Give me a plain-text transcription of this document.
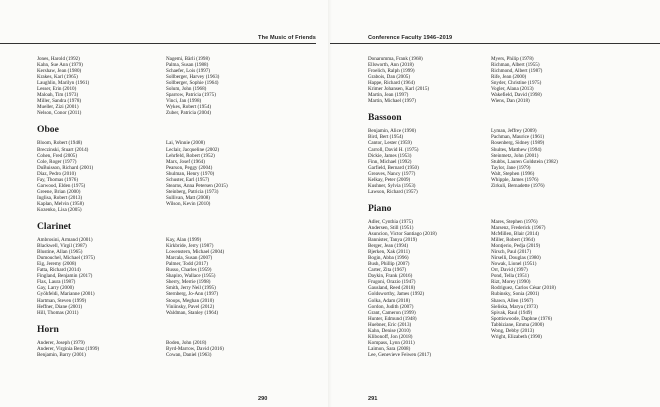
The Music of Friends
Jones, Harold (1992)
Kahn, Sue Ann (1979)
Kershaw, Jean (1980)
Krakes, Karl (1965)
Laughlin, Marilyn (1961)
Lesser, Erin (2010)
Maloah, Tim (1973)
Miller, Sandra (1978)
Mueller, Zizi (2001)
Nelson, Conor (2011)
Nagemi, Bärli (1998)
Palma, Susan (1988)
Schaefer, Lois (1997)
Sollberger, Harvey (1963)
Sollberger, Sophie (1964)
Solum, John (1968)
Sparrow, Patricia (1975)
Vinci, Jan (1998)
Wykes, Robert (1954)
Zuber, Patricia (2004)
Oboe
Bloom, Robert (1948)
Breczinski, Stuart (2014)
Cohen, Fred (2005)
Cole, Roger (1977)
DuBuisson, Richard (2001)
Díaz, Pedro (2010)
Fay, Thomas (1976)
Garwood, Elden (1975)
Greene, Brian (2000)
Inglisa, Robert (2013)
Kaplan, Melvin (1958)
Kozenko, Lisa (2005)
Lai, Winnie (2008)
Leclair, Jacqueline (2002)
Lehrfeld, Robert (1952)
Marx, Josef (1964)
Pearson, Peggy (2004)
Shulman, Henry (1970)
Schuster, Earl (1957)
Stearns, Anna Petersen (2015)
Steinberg, Patricia (1973)
Sullivan, Matt (2008)
Wilson, Kevin (2010)
Clarinet
Ambrosini, Armand (2001)
Blackwell, Virgil (1987)
Blustine, Allan (1965)
Dumouchel, Michael (1975)
Eig, Jeremy (2008)
Fatta, Richard (2014)
Fingland, Benjamin (2017)
Flax, Laura (1987)
Gay, Larry (2000)
Gyöhfeldi, Marianne (2001)
Hartman, Steven (1999)
Heffner, Diane (2001)
Hill, Thomas (2011)
Kay, Alan (1999)
Kirkbride, Jerry (1987)
Lowenstern, Michael (2004)
Marcala, Susan (2007)
Palmer, Todd (2017)
Russo, Charles (1959)
Shapiro, Wallace (1955)
Sherry, Merrie (1998)
Smith, Jerry Neil (1995)
Sternberg, Jo-Ann (1997)
Stoops, Meghan (2010)
Viniinsky, Pavel (2012)
Waldman, Stanley (1964)
Horn
Anderer, Joseph (1979)
Anderer, Virginia Benz (1999)
Benjamin, Barry (2001)
Boden, John (2018)
Byrd-Marrow, David (2016)
Cowan, Daniel (1963)
290
Conference Faculty 1946–2019
Donarumma, Frank (1968)
Ellsworth, Ann (2018)
Froelich, Ralph (1999)
Grabois, Dan (2005)
Happe, Richard (1964)
Krimer Johansen, Karl (2015)
Martin, Jean (1997)
Martin, Michael (1997)
Myers, Philip (1978)
Richman, Albert (1955)
Richmond, Albert (1987)
Rife, Jean (2000)
Snyder, Christine (1975)
Vogler, Alana (2013)
Wakefield, David (1998)
Wiens, Dan (2018)
Bassoon
Benjamin, Alice (1990)
Bird, Bert (1954)
Cantor, Lester (1959)
Carroll, David H. (1975)
Dickie, James (1953)
Finn, Michael (1992)
Garfield, Bernard (1950)
Greaves, Nancy (1977)
Kelkay, Peter (2009)
Kushner, Sylvia (1953)
Lawson, Richard (1957)
Lyman, Jeffrey (2009)
Pachman, Maurice (1961)
Rosenberg, Sidney (1989)
Shultes, Matthew (1994)
Steinmetz, John (2001)
Stubbs, Lauren Goldstein (1982)
Taylor, Jane (1979)
Walt, Stephen (1996)
Whipple, James (1976)
Zirkuli, Bernadette (1976)
Piano
Adler, Cynthia (1975)
Andersen, Still (1951)
Asuncion, Victor Santiago (2018)
Bannister, Tanya (2019)
Berger, Jean (1994)
Bjerken, Xak (2011)
Bogin, Abba (1996)
Bush, Phillip (2007)
Carter, Zita (1967)
Daykin, Frank (2016)
Frugoni, Orazio (1947)
Gausland, Reed (2018)
Goldsworthy, James (1992)
Golka, Adam (2018)
Gordon, Judith (2007)
Grant, Cameron (1999)
Hunter, Edmund (1948)
Huebner, Eric (2013)
Kahn, Denise (2010)
Klibonoff, Jon (2018)
Kompass, Lynn (2011)
Laimon, Sara (2008)
Lee, Genevieve Feiwen (2017)
Mares, Stephen (1976)
Marsenz, Frederick (1967)
McMillen, Blair (2014)
Miller, Robert (1964)
Montjerio, Pedja (2019)
Nirsch, Paul (2017)
Nirselli, Douglas (1980)
Nowak, Lionel (1951)
Orr, David (1997)
Pond, Tella (1951)
Rizt, Morey (1990)
Rodriguez, Carlos César (2018)
Rubinsky, Sonia (2001)
Shawn, Allen (1967)
Sieliska, Marya (1973)
Spivak, Raul (1949)
Spottiswoode, Daphne (1976)
Tabbiziane, Emma (2000)
Wong, Debby (2013)
Wright, Elizabeth (1990)
291
